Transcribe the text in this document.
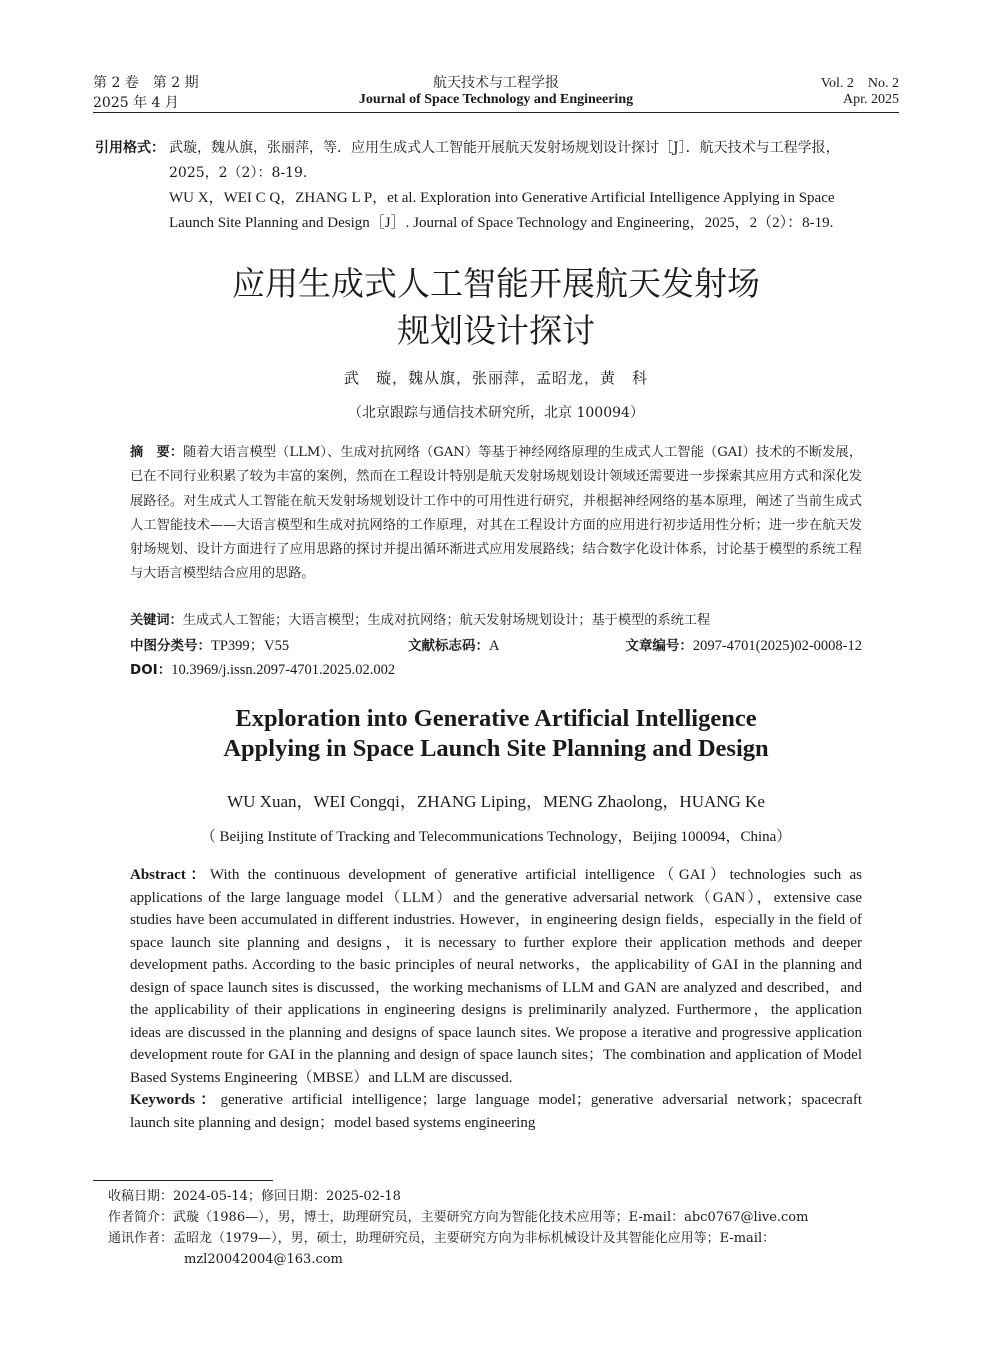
第 2 卷　第 2 期
2025 年 4 月
航天技术与工程学报
Journal of Space Technology and Engineering
Vol. 2　No. 2
Apr. 2025
引用格式： 武璇，魏从旗，张丽萍，等．应用生成式人工智能开展航天发射场规划设计探讨［J］．航天技术与工程学报，
2025，2（2）：8-19.
WU X，WEI C Q，ZHANG L P，et al. Exploration into Generative Artificial Intelligence Applying in Space
Launch Site Planning and Design［J］. Journal of Space Technology and Engineering，2025，2（2）：8-19.
应用生成式人工智能开展航天发射场
规划设计探讨
武　璇，魏从旗，张丽萍，孟昭龙，黄　科
（北京跟踪与通信技术研究所，北京 100094）
摘　要：随着大语言模型（LLM）、生成对抗网络（GAN）等基于神经网络原理的生成式人工智能（GAI）技术的不断发展，已在不同行业积累了较为丰富的案例，然而在工程设计特别是航天发射场规划设计领域还需要进一步探索其应用方式和深化发展路径。对生成式人工智能在航天发射场规划设计工作中的可用性进行研究，并根据神经网络的基本原理，阐述了当前生成式人工智能技术——大语言模型和生成对抗网络的工作原理，对其在工程设计方面的应用进行初步适用性分析；进一步在航天发射场规划、设计方面进行了应用思路的探讨并提出循环渐进式应用发展路线；结合数字化设计体系，讨论基于模型的系统工程与大语言模型结合应用的思路。
关键词：生成式人工智能；大语言模型；生成对抗网络；航天发射场规划设计；基于模型的系统工程
中图分类号：TP399；V55	文献标志码：A	文章编号：2097-4701(2025)02-0008-12
DOI：10.3969/j.issn.2097-4701.2025.02.002
Exploration into Generative Artificial Intelligence
Applying in Space Launch Site Planning and Design
WU Xuan，WEI Congqi，ZHANG Liping，MENG Zhaolong，HUANG Ke
（ Beijing Institute of Tracking and Telecommunications Technology，Beijing 100094，China）
Abstract：With the continuous development of generative artificial intelligence（GAI）technologies such as applications of the large language model（LLM）and the generative adversarial network（GAN），extensive case studies have been accumulated in different industries. However，in engineering design fields，especially in the field of space launch site planning and designs，it is necessary to further explore their application methods and deeper development paths. According to the basic principles of neural networks，the applicability of GAI in the planning and design of space launch sites is discussed，the working mechanisms of LLM and GAN are analyzed and described，and the applicability of their applications in engineering designs is preliminarily analyzed. Furthermore，the application ideas are discussed in the planning and designs of space launch sites. We propose a iterative and progressive application development route for GAI in the planning and design of space launch sites；The combination and application of Model Based Systems Engineering（MBSE）and LLM are discussed.
Keywords：generative artificial intelligence；large language model；generative adversarial network；spacecraft launch site planning and design；model based systems engineering
收稿日期：2024-05-14；修回日期：2025-02-18
作者简介：武璇（1986—），男，博士，助理研究员，主要研究方向为智能化技术应用等；E-mail：abc0767@live.com
通讯作者：孟昭龙（1979—），男，硕士，助理研究员，主要研究方向为非标机械设计及其智能化应用等；E-mail：
mzl20042004@163.com
